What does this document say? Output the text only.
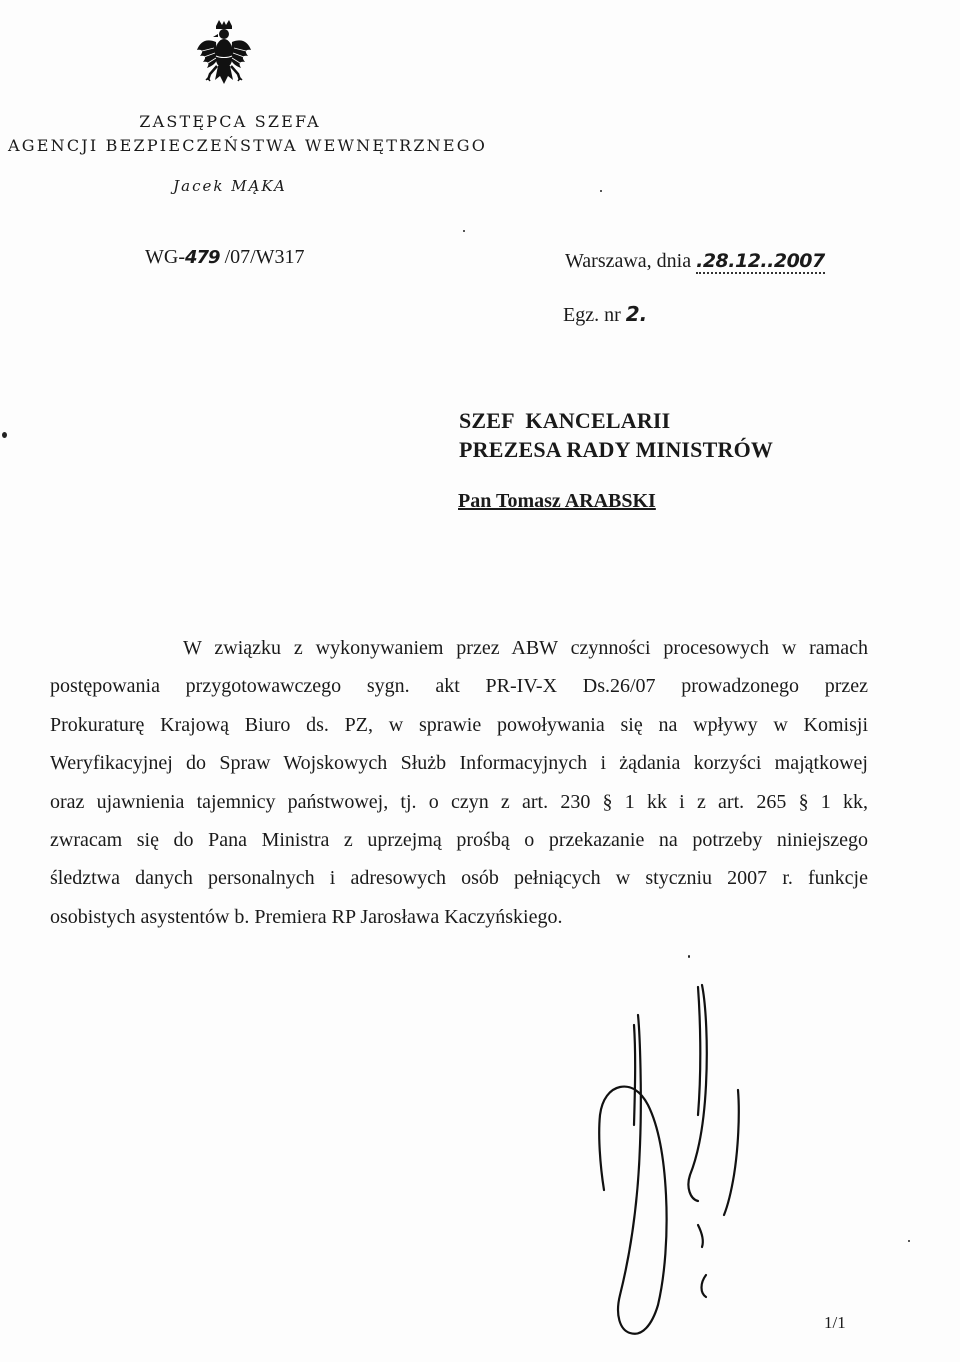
ZASTĘPCA SZEFA
AGENCJI BEZPIECZEŃSTWA WEWNĘTRZNEGO
Jacek MĄKA
WG-479 /07/W317	Warszawa, dnia .28.12..2007
Egz. nr 2.
SZEF  KANCELARII
PREZESA RADY MINISTRÓW
Pan Tomasz ARABSKI
W związku z wykonywaniem przez ABW czynności procesowych w ramach
postępowania przygotowawczego sygn. akt PR-IV-X Ds.26/07 prowadzonego przez
Prokuraturę Krajową Biuro ds. PZ, w sprawie powoływania się na wpływy w Komisji
Weryfikacyjnej do Spraw Wojskowych Służb Informacyjnych i żądania korzyści majątkowej
oraz ujawnienia tajemnicy państwowej, tj. o czyn z art. 230 § 1 kk i z art. 265 § 1 kk,
zwracam się do Pana Ministra z uprzejmą prośbą o przekazanie na potrzeby niniejszego
śledztwa danych personalnych i adresowych osób pełniących w styczniu 2007 r. funkcje
osobistych asystentów b. Premiera RP Jarosława Kaczyńskiego.
1/1
